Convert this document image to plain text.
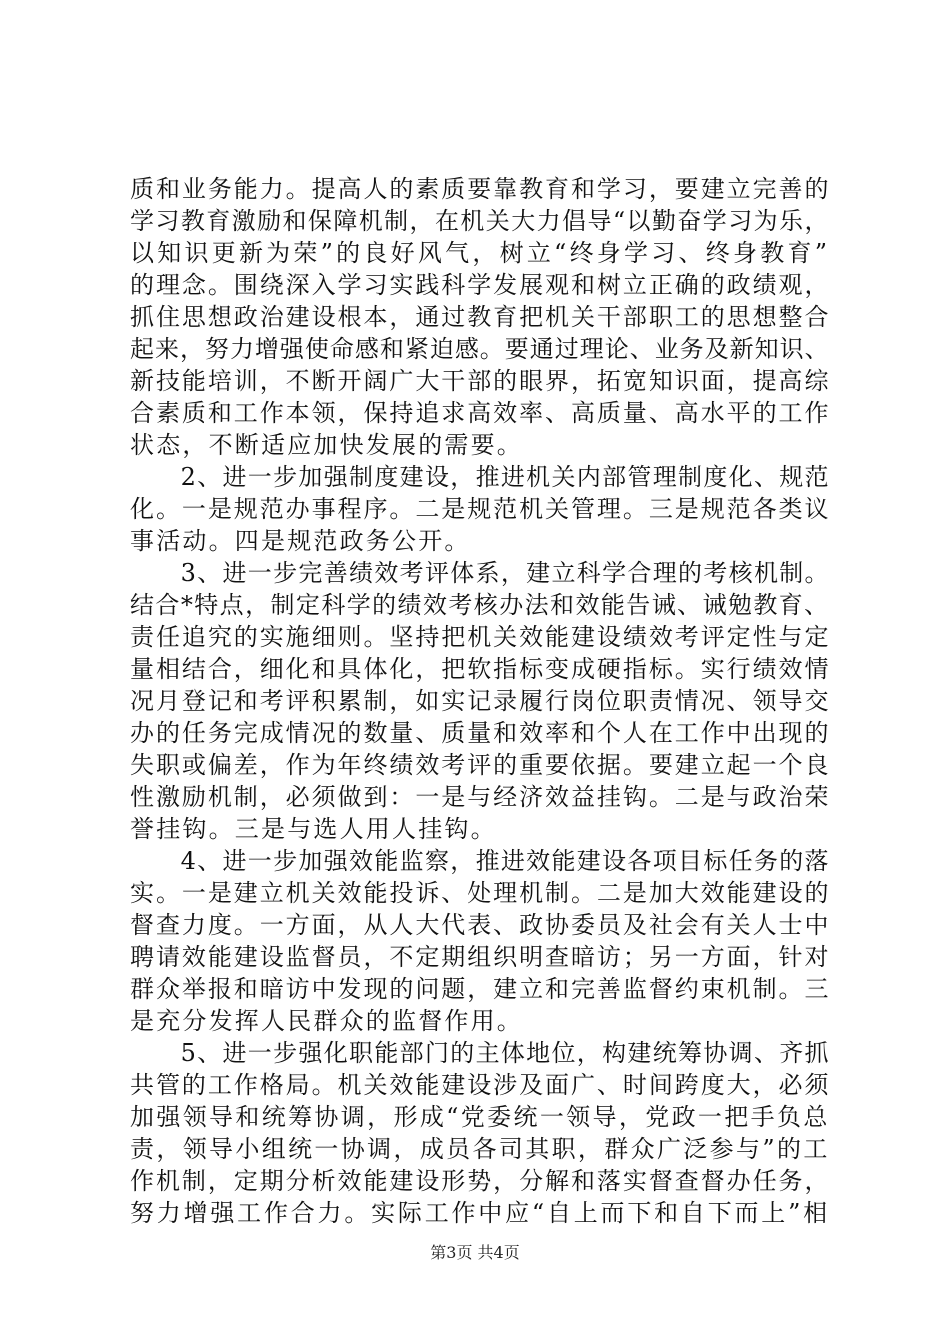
质和业务能力。提高人的素质要靠教育和学习，要建立完善的
学习教育激励和保障机制，在机关大力倡导“以勤奋学习为乐，
以知识更新为荣”的良好风气，树立“终身学习、终身教育”
的理念。围绕深入学习实践科学发展观和树立正确的政绩观，
抓住思想政治建设根本，通过教育把机关干部职工的思想整合
起来，努力增强使命感和紧迫感。要通过理论、业务及新知识、
新技能培训，不断开阔广大干部的眼界，拓宽知识面，提高综
合素质和工作本领，保持追求高效率、高质量、高水平的工作
状态，不断适应加快发展的需要。
　　2、进一步加强制度建设，推进机关内部管理制度化、规范
化。一是规范办事程序。二是规范机关管理。三是规范各类议
事活动。四是规范政务公开。
　　3、进一步完善绩效考评体系，建立科学合理的考核机制。
结合*特点，制定科学的绩效考核办法和效能告诫、诫勉教育、
责任追究的实施细则。坚持把机关效能建设绩效考评定性与定
量相结合，细化和具体化，把软指标变成硬指标。实行绩效情
况月登记和考评积累制，如实记录履行岗位职责情况、领导交
办的任务完成情况的数量、质量和效率和个人在工作中出现的
失职或偏差，作为年终绩效考评的重要依据。要建立起一个良
性激励机制，必须做到：一是与经济效益挂钩。二是与政治荣
誉挂钩。三是与选人用人挂钩。
　　4、进一步加强效能监察，推进效能建设各项目标任务的落
实。一是建立机关效能投诉、处理机制。二是加大效能建设的
督查力度。一方面，从人大代表、政协委员及社会有关人士中
聘请效能建设监督员，不定期组织明查暗访；另一方面，针对
群众举报和暗访中发现的问题，建立和完善监督约束机制。三
是充分发挥人民群众的监督作用。
　　5、进一步强化职能部门的主体地位，构建统筹协调、齐抓
共管的工作格局。机关效能建设涉及面广、时间跨度大，必须
加强领导和统筹协调，形成“党委统一领导，党政一把手负总
责，领导小组统一协调，成员各司其职，群众广泛参与”的工
作机制，定期分析效能建设形势，分解和落实督查督办任务，
努力增强工作合力。实际工作中应“自上而下和自下而上”相
第3页 共4页
